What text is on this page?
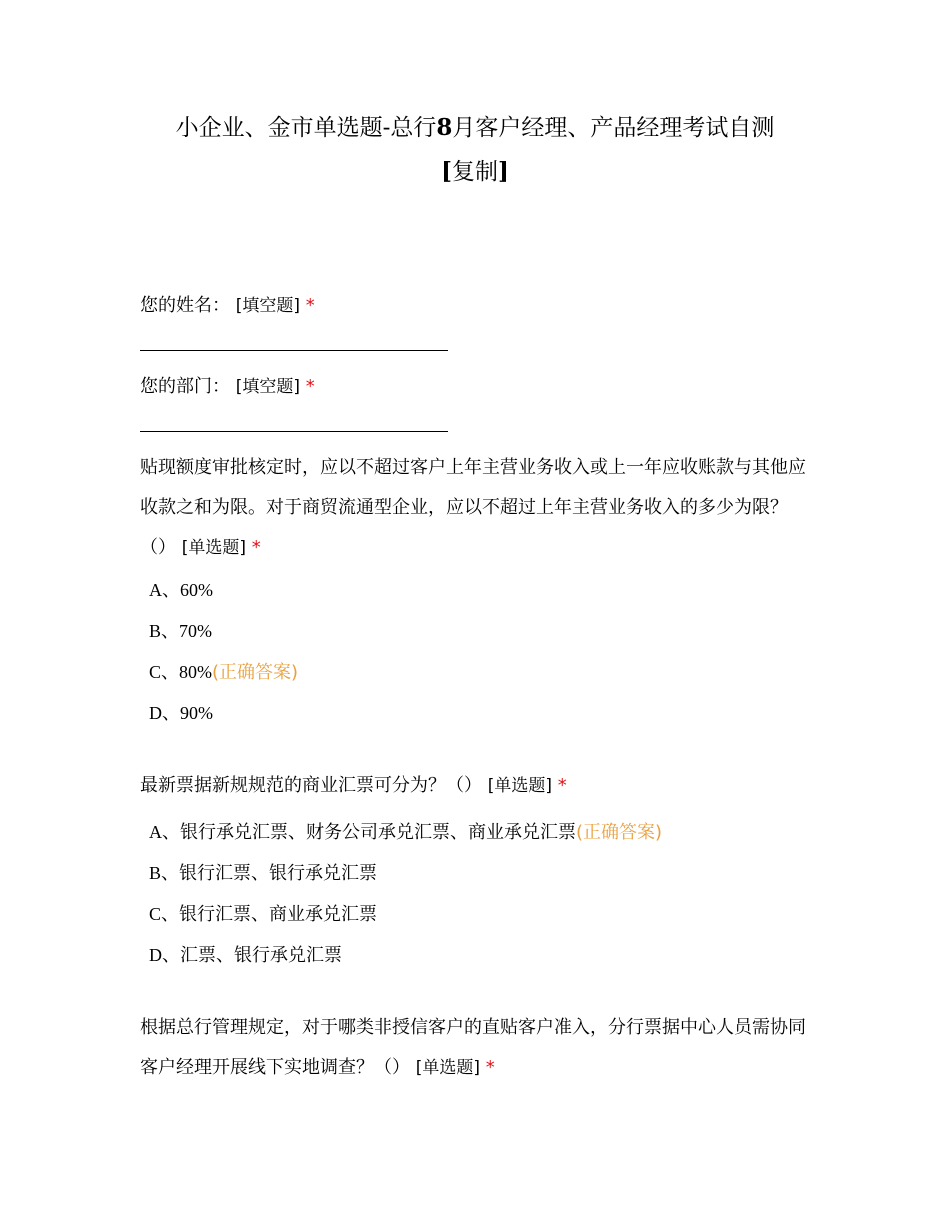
小企业、金市单选题-总行8月客户经理、产品经理考试自测
[复制]

您的姓名： [填空题] *

您的部门： [填空题] *

贴现额度审批核定时，应以不超过客户上年主营业务收入或上一年应收账款与其他应收款之和为限。对于商贸流通型企业，应以不超过上年主营业务收入的多少为限？（） [单选题] *

A、60%

B、70%

C、80%(正确答案)

D、90%

最新票据新规规范的商业汇票可分为？（） [单选题] *

A、银行承兑汇票、财务公司承兑汇票、商业承兑汇票(正确答案)

B、银行汇票、银行承兑汇票

C、银行汇票、商业承兑汇票

D、汇票、银行承兑汇票

根据总行管理规定，对于哪类非授信客户的直贴客户准入，分行票据中心人员需协同客户经理开展线下实地调查？（） [单选题] *
